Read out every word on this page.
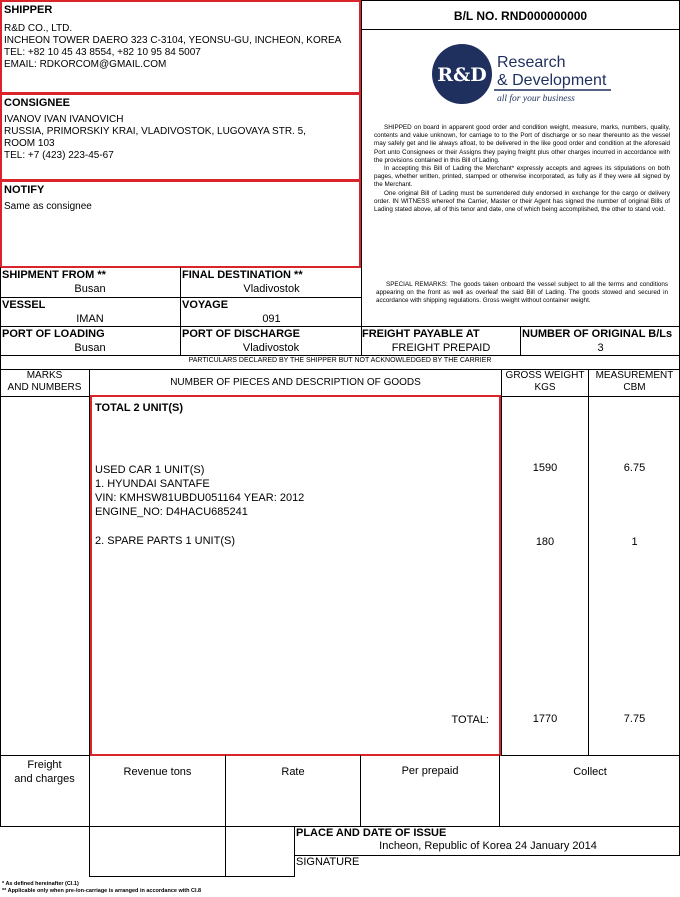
SHIPPER
R&D CO., LTD.
INCHEON TOWER DAERO 323 C-3104, YEONSU-GU, INCHEON, KOREA
TEL: +82 10 45 43 8554, +82 10 95 84 5007
EMAIL: RDKORCOM@GMAIL.COM
CONSIGNEE
IVANOV IVAN IVANOVICH
RUSSIA, PRIMORSKIY KRAI, VLADIVOSTOK, LUGOVAYA STR. 5,
ROOM 103
TEL: +7 (423) 223-45-67
NOTIFY
Same as consignee
B/L NO. RND000000000
R&D
Research
& Development
all for your business
SHIPPED on board in apparent good order and condition weight, measure, marks, numbers, quality, contents and value unknown, for carriage to to the Port of discharge or so near thereunto as the vessel may safely get and lie always afloat, to be delivered in the like good order and condition at the aforesaid Port unto Consignees or their Assigns they paying freight plus other charges incurred in accordance with the provisions contained in this Bill of Lading.
In accepting this Bill of Lading the Merchant* expressly accepts and agrees its stipulations on both pages, whether written, printed, stamped or otherwise incorporated, as fully as if they were all signed by the Merchant.
One original Bill of Lading must be surrendered duly endorsed in exchange for the cargo or delivery order. IN WITNESS whereof the Carrier, Master or their Agent has signed the number of original Bills of Lading stated above, all of this tenor and date, one of which being accomplished, the other to stand void.
SPECIAL REMARKS: The goods taken onboard the vessel subject to all the terms and conditions appearing on the front as well as overleaf the said Bill of Lading. The goods stowed and secured in accordance with shipping regulations. Gross weight without container weight.
SHIPMENT FROM **
Busan
FINAL DESTINATION **
Vladivostok
VESSEL
IMAN
VOYAGE
091
PORT OF LOADING
Busan
PORT OF DISCHARGE
Vladivostok
FREIGHT PAYABLE AT
FREIGHT PREPAID
NUMBER OF ORIGINAL B/Ls
3
PARTICULARS DECLARED BY THE SHIPPER BUT NOT ACKNOWLEDGED BY THE CARRIER
MARKS
AND NUMBERS	NUMBER OF PIECES AND DESCRIPTION OF GOODS
GROSS WEIGHT
KGS
MEASUREMENT
CBM
TOTAL 2 UNIT(S)
USED CAR 1 UNIT(S)
1. HYUNDAI SANTAFE
VIN: KMHSW81UBDU051164 YEAR: 2012
ENGINE_NO: D4HACU685241
2. SPARE PARTS 1 UNIT(S)
TOTAL:
1590	6.75
180	1
1770	7.75
Freight
and charges
Revenue tons	Rate	Per prepaid	Collect
PLACE AND DATE OF ISSUE
Incheon, Republic of Korea 24 January 2014
SIGNATURE
* As defined hereinafter (Cl.1)
** Applicable only when pre-/on-carriage is arranged in accordance with Cl.8
